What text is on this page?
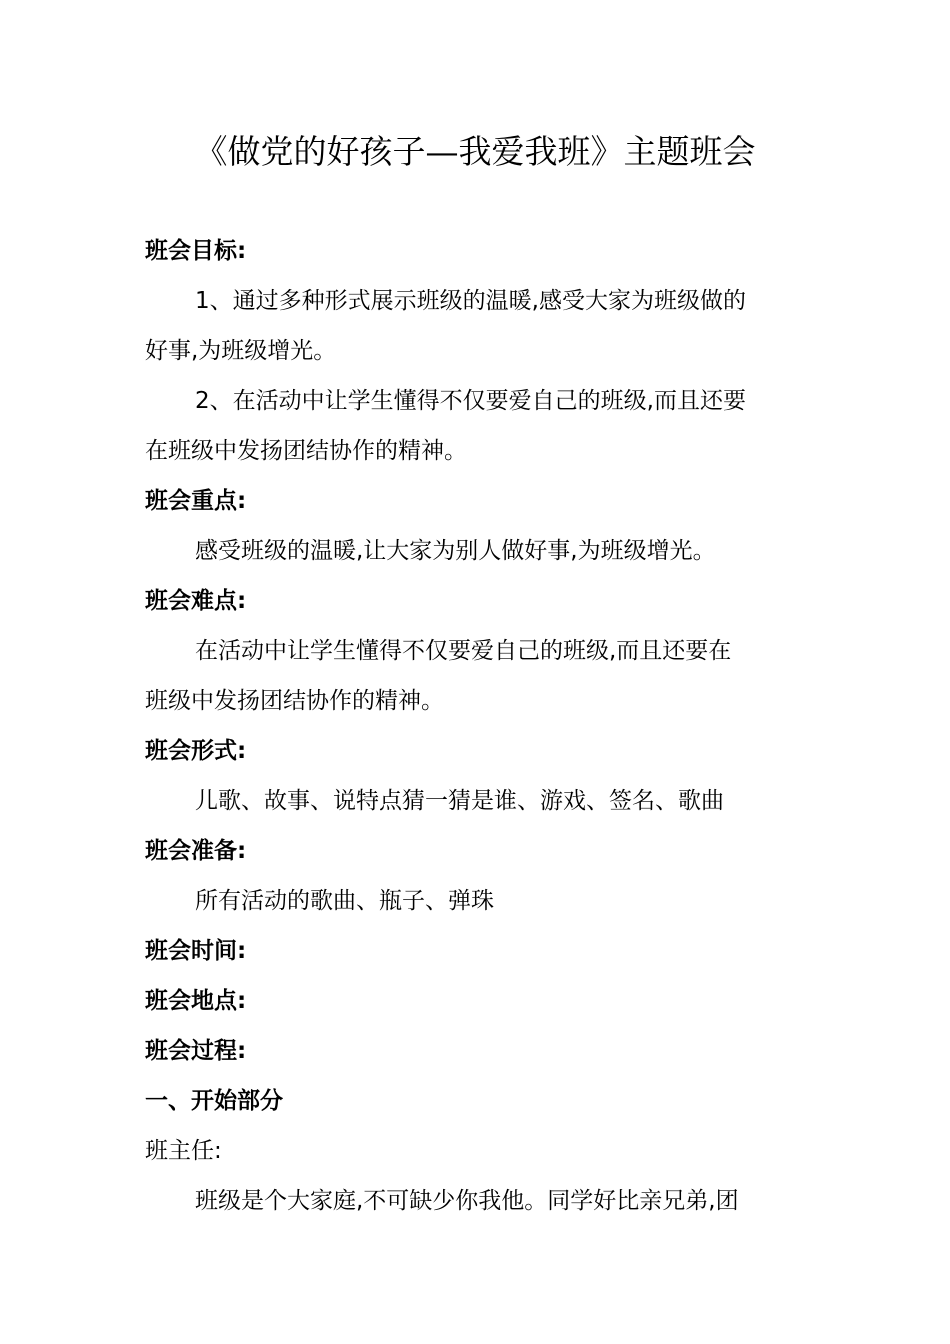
《做党的好孩子—我爱我班》主题班会
班会目标:
1、通过多种形式展示班级的温暖,感受大家为班级做的
好事,为班级增光。
2、在活动中让学生懂得不仅要爱自己的班级,而且还要
在班级中发扬团结协作的精神。
班会重点:
感受班级的温暖,让大家为别人做好事,为班级增光。
班会难点:
在活动中让学生懂得不仅要爱自己的班级,而且还要在
班级中发扬团结协作的精神。
班会形式:
儿歌、故事、说特点猜一猜是谁、游戏、签名、歌曲
班会准备:
所有活动的歌曲、瓶子、弹珠
班会时间:
班会地点:
班会过程:
一、开始部分
班主任:
班级是个大家庭,不可缺少你我他。同学好比亲兄弟,团
